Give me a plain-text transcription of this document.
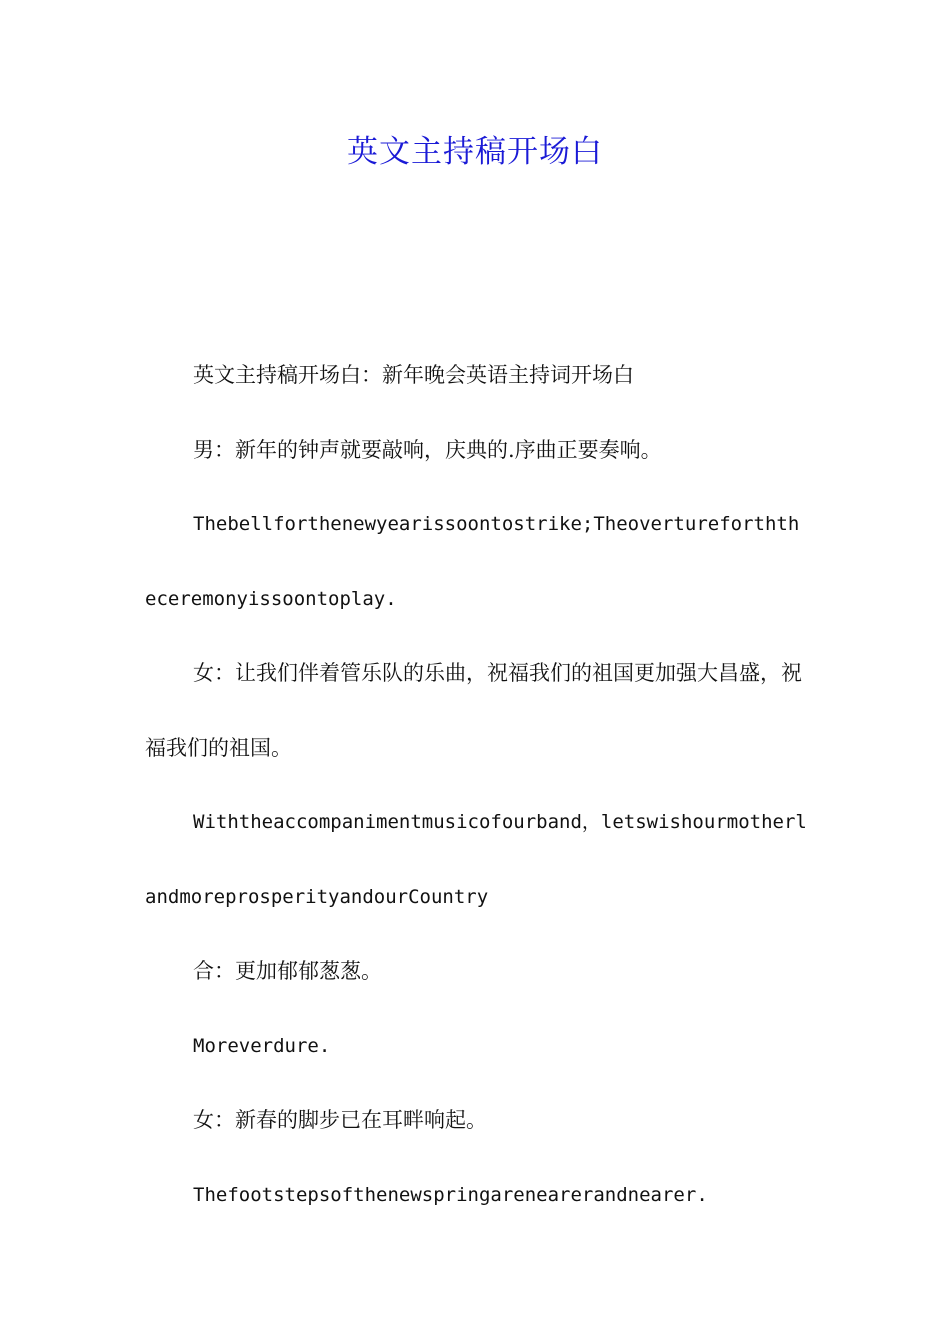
英文主持稿开场白

英文主持稿开场白：新年晚会英语主持词开场白

男：新年的钟声就要敲响，庆典的.序曲正要奏响。

Thebellforthenewyearissoontostrike;Theovertureforththeceremonyissoontoplay.

女：让我们伴着管乐队的乐曲，祝福我们的祖国更加强大昌盛，祝福我们的祖国。

Withtheaccompanimentmusicofourband，letswishourmotherlandmoreprosperityandourCountry

合：更加郁郁葱葱。

Moreverdure.

女：新春的脚步已在耳畔响起。

Thefootstepsofthenewspringarenearerandnearer.
